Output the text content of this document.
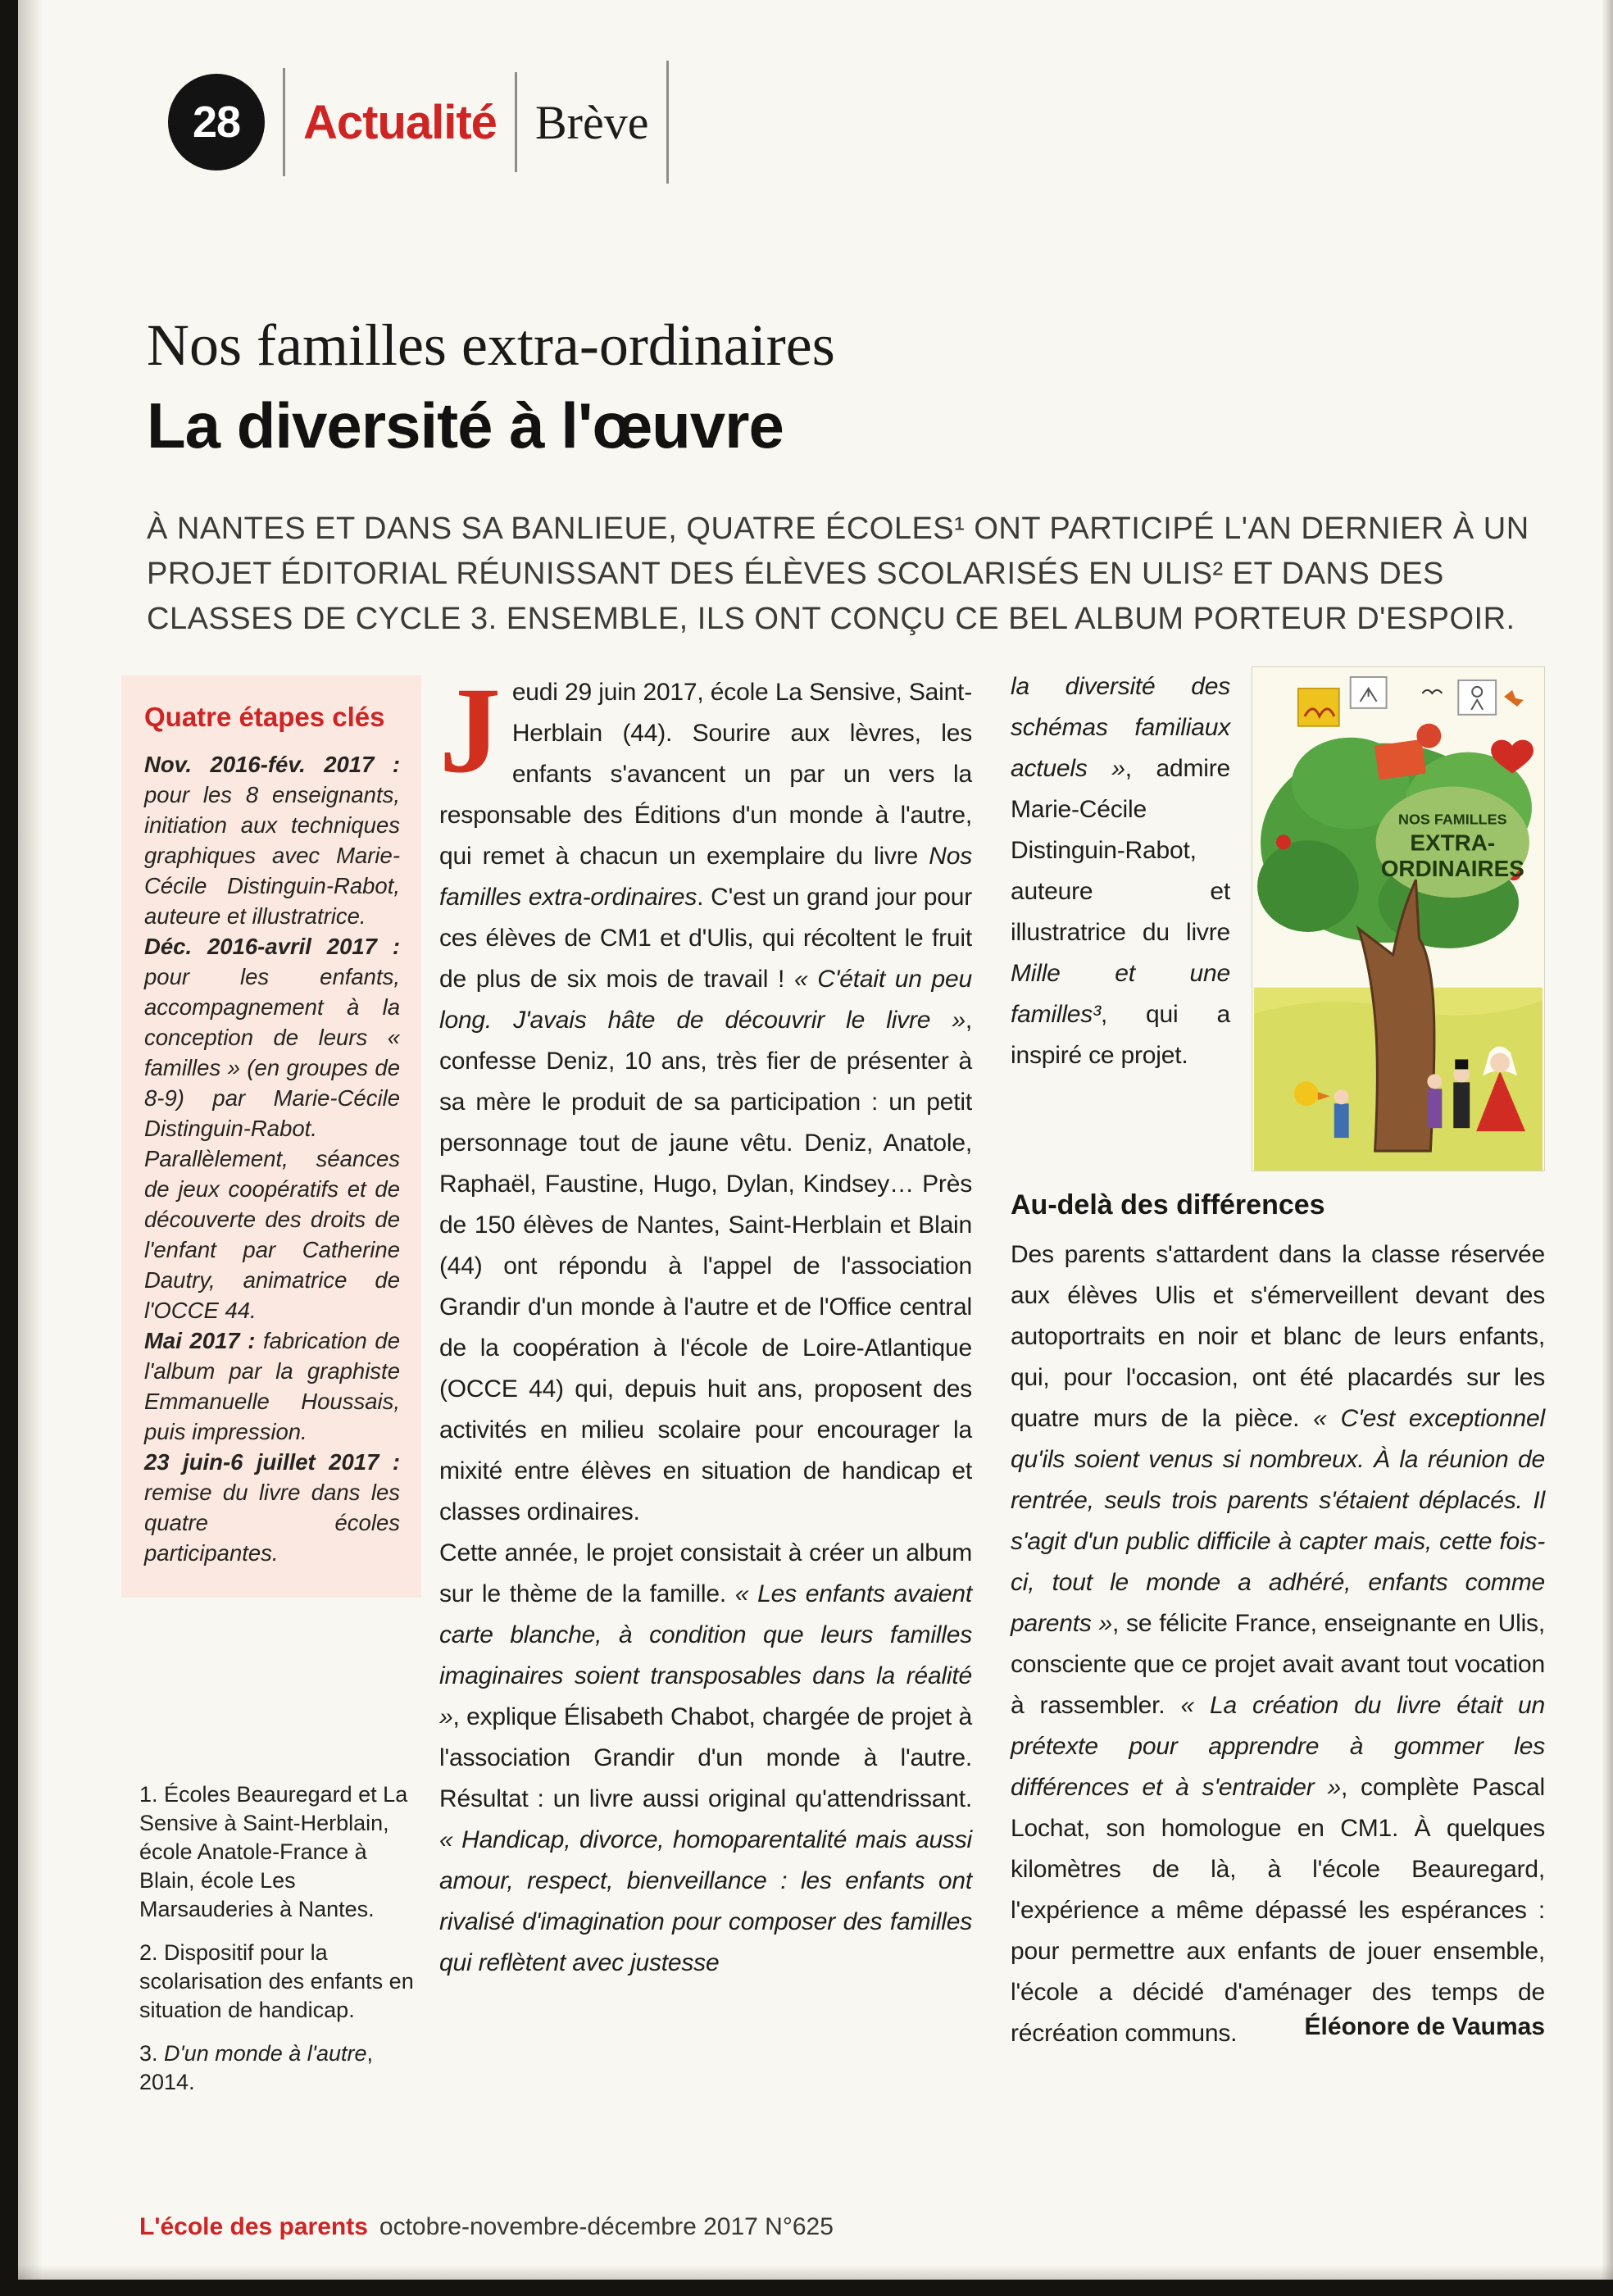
28 Actualité Brève
Nos familles extra-ordinaires
La diversité à l'œuvre

À NANTES ET DANS SA BANLIEUE, QUATRE ÉCOLES¹ ONT PARTICIPÉ L'AN DERNIER À UN PROJET ÉDITORIAL RÉUNISSANT DES ÉLÈVES SCOLARISÉS EN ULIS² ET DANS DES CLASSES DE CYCLE 3. ENSEMBLE, ILS ONT CONÇU CE BEL ALBUM PORTEUR D'ESPOIR.

Quatre étapes clés

Nov. 2016-fév. 2017 : pour les 8 enseignants, initiation aux techniques graphiques avec Marie-Cécile Distinguin-Rabot, auteure et illustratrice.

Déc. 2016-avril 2017 : pour les enfants, accompagnement à la conception de leurs « familles » (en groupes de 8-9) par Marie-Cécile Distinguin-Rabot. Parallèlement, séances de jeux coopératifs et de découverte des droits de l'enfant par Catherine Dautry, animatrice de l'OCCE 44.

Mai 2017 : fabrication de l'album par la graphiste Emmanuelle Houssais, puis impression.

23 juin-6 juillet 2017 : remise du livre dans les quatre écoles participantes.

1. Écoles Beauregard et La Sensive à Saint-Herblain, école Anatole-France à Blain, école Les Marsauderies à Nantes.

2. Dispositif pour la scolarisation des enfants en situation de handicap.

3. D'un monde à l'autre, 2014.

J eudi 29 juin 2017, école La Sensive, Saint-Herblain (44). Sourire aux lèvres, les enfants s'avancent un par un vers la responsable des Éditions d'un monde à l'autre, qui remet à chacun un exemplaire du livre Nos familles extra-ordinaires. C'est un grand jour pour ces élèves de CM1 et d'Ulis, qui récoltent le fruit de plus de six mois de travail ! « C'était un peu long. J'avais hâte de découvrir le livre », confesse Deniz, 10 ans, très fier de présenter à sa mère le produit de sa participation : un petit personnage tout de jaune vêtu. Deniz, Anatole, Raphaël, Faustine, Hugo, Dylan, Kindsey… Près de 150 élèves de Nantes, Saint-Herblain et Blain (44) ont répondu à l'appel de l'association Grandir d'un monde à l'autre et de l'Office central de la coopération à l'école de Loire-Atlantique (OCCE 44) qui, depuis huit ans, proposent des activités en milieu scolaire pour encourager la mixité entre élèves en situation de handicap et classes ordinaires.

Cette année, le projet consistait à créer un album sur le thème de la famille. « Les enfants avaient carte blanche, à condition que leurs familles imaginaires soient transposables dans la réalité », explique Élisabeth Chabot, chargée de projet à l'association Grandir d'un monde à l'autre. Résultat : un livre aussi original qu'attendrissant. « Handicap, divorce, homoparentalité mais aussi amour, respect, bienveillance : les enfants ont rivalisé d'imagination pour composer des familles qui reflètent avec justesse

la diversité des schémas familiaux actuels », admire Marie-Cécile Distinguin-Rabot, auteure et illustratrice du livre Mille et une familles³, qui a inspiré ce projet.

NOS FAMILLES
EXTRA-
ORDINAIRES
Au-delà des différences

Des parents s'attardent dans la classe réservée aux élèves Ulis et s'émerveillent devant des autoportraits en noir et blanc de leurs enfants, qui, pour l'occasion, ont été placardés sur les quatre murs de la pièce. « C'est exceptionnel qu'ils soient venus si nombreux. À la réunion de rentrée, seuls trois parents s'étaient déplacés. Il s'agit d'un public difficile à capter mais, cette fois-ci, tout le monde a adhéré, enfants comme parents », se félicite France, enseignante en Ulis, consciente que ce projet avait avant tout vocation à rassembler. « La création du livre était un prétexte pour apprendre à gommer les différences et à s'entraider », complète Pascal Lochat, son homologue en CM1. À quelques kilomètres de là, à l'école Beauregard, l'expérience a même dépassé les espérances : pour permettre aux enfants de jouer ensemble, l'école a décidé d'aménager des temps de récréation communs.	Éléonore de Vaumas
L'école des parents octobre-novembre-décembre 2017 N°625
